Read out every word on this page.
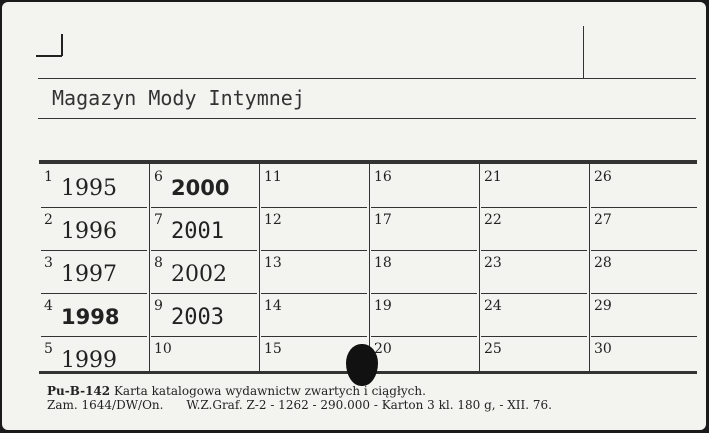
Magazyn Mody Intymnej
1 1995
2 1996
3 1997
4 1998
5 1999
6 2000
7 2001
8 2002
9 2003
10
11
12
13
14
15
16
17
18
19
20
21
22
23
24
25
26
27
28
29
30
Pu-B-142 Karta katalogowa wydawnictw zwartych i ciągłych.
Zam. 1644/DW/On. W.Z.Graf. Z-2 - 1262 - 290.000 - Karton 3 kl. 180 g, - XII. 76.
